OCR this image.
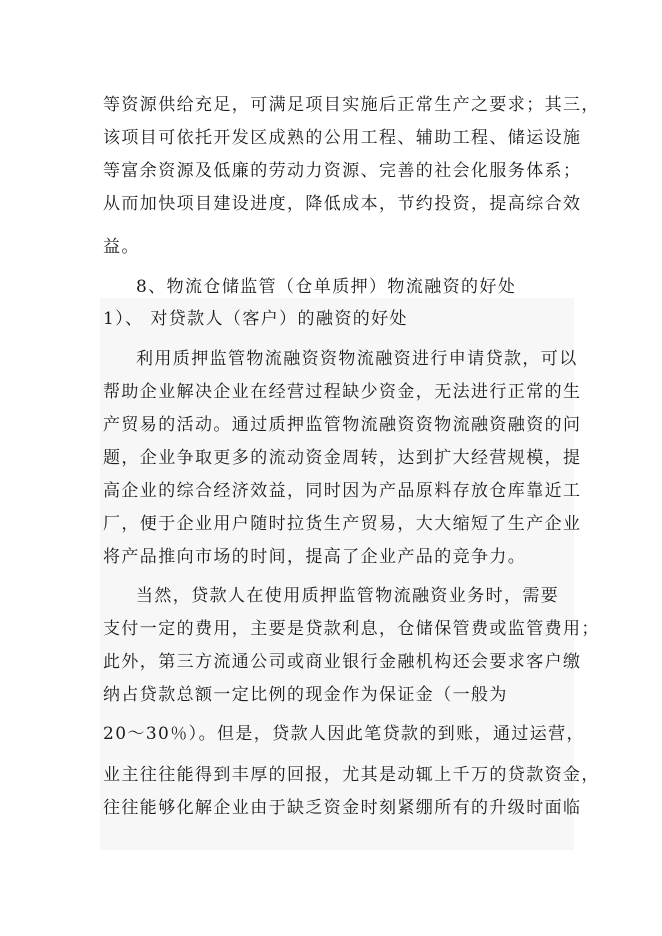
等资源供给充足，可满足项目实施后正常生产之要求；其三，
该项目可依托开发区成熟的公用工程、辅助工程、储运设施
等富余资源及低廉的劳动力资源、完善的社会化服务体系；
从而加快项目建设进度，降低成本，节约投资，提高综合效
益。
8、物流仓储监管（仓单质押）物流融资的好处
1）、 对贷款人（客户）的融资的好处
利用质押监管物流融资资物流融资进行申请贷款，可以
帮助企业解决企业在经营过程缺少资金，无法进行正常的生
产贸易的活动。通过质押监管物流融资资物流融资融资的问
题，企业争取更多的流动资金周转，达到扩大经营规模，提
高企业的综合经济效益，同时因为产品原料存放仓库靠近工
厂，便于企业用户随时拉货生产贸易，大大缩短了生产企业
将产品推向市场的时间，提高了企业产品的竞争力。
当然，贷款人在使用质押监管物流融资业务时，需要
支付一定的费用，主要是贷款利息，仓储保管费或监管费用；
此外，第三方流通公司或商业银行金融机构还会要求客户缴
纳占贷款总额一定比例的现金作为保证金（一般为
20～30％）。但是，贷款人因此笔贷款的到账，通过运营，
业主往往能得到丰厚的回报，尤其是动辄上千万的贷款资金，
往往能够化解企业由于缺乏资金时刻紧绷所有的升级时面临
